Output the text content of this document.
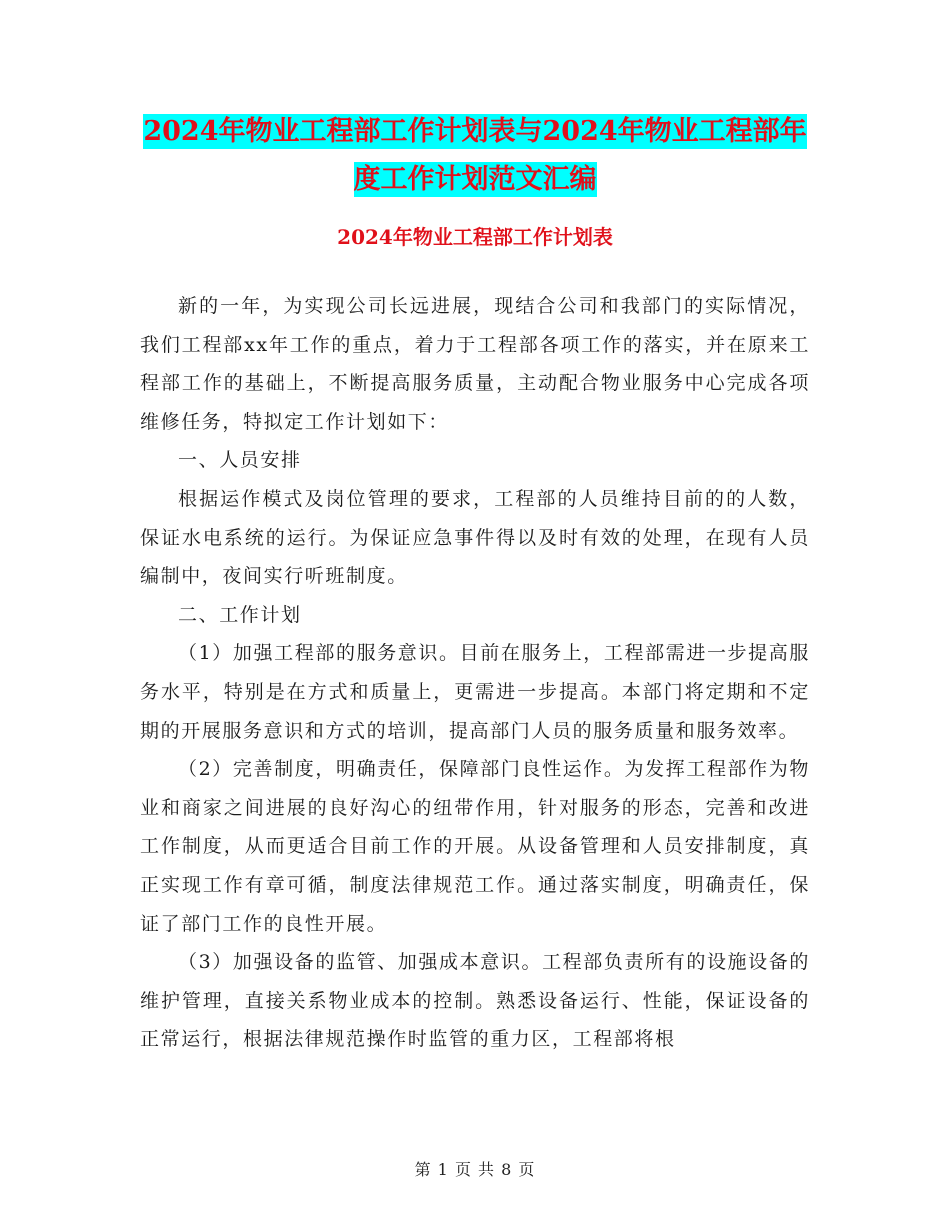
2024年物业工程部工作计划表与2024年物业工程部年
度工作计划范文汇编
2024年物业工程部工作计划表

新的一年，为实现公司长远进展，现结合公司和我部门的实际情况，我们工程部xx年工作的重点，着力于工程部各项工作的落实，并在原来工程部工作的基础上，不断提高服务质量，主动配合物业服务中心完成各项维修任务，特拟定工作计划如下：

一、人员安排

根据运作模式及岗位管理的要求，工程部的人员维持目前的的人数，保证水电系统的运行。为保证应急事件得以及时有效的处理，在现有人员编制中，夜间实行听班制度。

二、工作计划

（1）加强工程部的服务意识。目前在服务上，工程部需进一步提高服务水平，特别是在方式和质量上，更需进一步提高。本部门将定期和不定期的开展服务意识和方式的培训，提高部门人员的服务质量和服务效率。

（2）完善制度，明确责任，保障部门良性运作。为发挥工程部作为物业和商家之间进展的良好沟心的纽带作用，针对服务的形态，完善和改进工作制度，从而更适合目前工作的开展。从设备管理和人员安排制度，真正实现工作有章可循，制度法律规范工作。通过落实制度，明确责任，保证了部门工作的良性开展。

（3）加强设备的监管、加强成本意识。工程部负责所有的设施设备的维护管理，直接关系物业成本的控制。熟悉设备运行、性能，保证设备的正常运行，根据法律规范操作时监管的重力区，工程部将根

第 1 页 共 8 页
